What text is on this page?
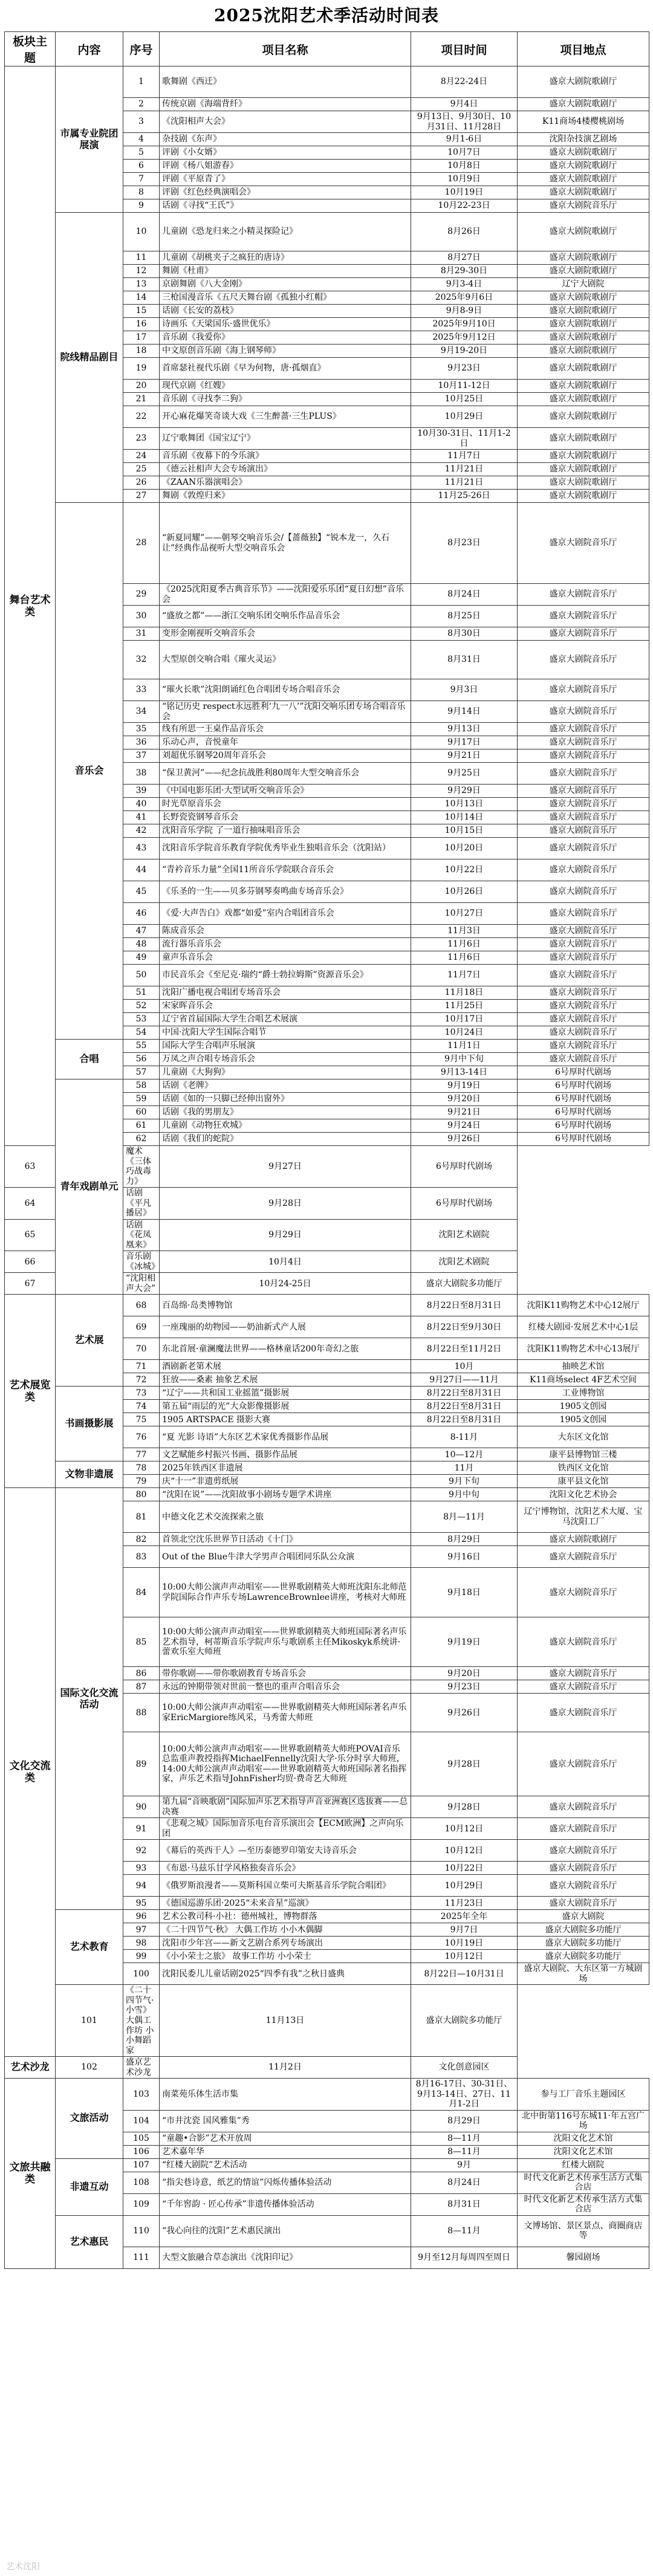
2025沈阳艺术季活动时间表
板块主题	内容	序号	项目名称	项目时间	项目地点
舞台艺术类	市属专业院团展演	1	歌舞剧《西迁》	8月22-24日	盛京大剧院歌剧厅
		2	传统京剧《海端背纤》	9月4日	盛京大剧院歌剧厅
		3	《沈阳相声大会》	9月13日、9月30日、10月31日、11月28日	K11商场4楼樱桃剧场
		4	杂技剧《东声》	9月1-6日	沈阳杂技演艺剧场
		5	评剧《小女婿》	10月7日	盛京大剧院歌剧厅
		6	评剧《杨八姐游春》	10月8日	盛京大剧院歌剧厅
		7	评剧《平原青了》	10月9日	盛京大剧院歌剧厅
		8	评剧《红色经典演唱会》	10月19日	盛京大剧院歌剧厅
		9	话剧《寻找“王氏”》	10月22-23日	盛京大剧院音乐厅
	院线精品剧目	10	儿童剧《恐龙归来之小精灵探险记》	8月26日	盛京大剧院歌剧厅
		11	儿童剧《胡桃夹子之疯狂的唐诗》	8月27日	盛京大剧院歌剧厅
		12	舞剧《杜甫》	8月29-30日	盛京大剧院歌剧厅
		13	京剧舞剧《八大金刚》	9月3-4日	辽宁大剧院
		14	三枪国漫音乐《五尺天舞台剧《孤独小红帽》	2025年9月6日	盛京大剧院歌剧厅
		15	话剧《长安的荔枝》	9月8-9日	盛京大剧院歌剧厅
		16	诗画乐《天梁国乐·盛世优乐》	2025年9月10日	盛京大剧院歌剧厅
		17	音乐剧《我爱你》	2025年9月12日	盛京大剧院歌剧厅
		18	中文原创音乐剧《海上钢琴师》	9月19-20日	盛京大剧院歌剧厅
		19	首席瑟社视代乐剧《早为何物，唐·孤烟直》	9月23日	盛京大剧院歌剧厅
		20	现代京剧《红嫂》	10月11-12日	盛京大剧院歌剧厅
		21	音乐剧《寻找李二狗》	10月25日	盛京大剧院歌剧厅
		22	开心麻花爆笑奇谈大戏《三生醉蔷·三生PLUS》	10月29日	盛京大剧院歌剧厅
		23	辽宁歌舞团《国宝辽宁》	10月30-31日、11月1-2日	盛京大剧院歌剧厅
		24	音乐剧《夜幕下的今乐演》	11月7日	盛京大剧院歌剧厅
		25	《德云社相声大会专场演出》	11月21日	盛京大剧院歌剧厅
		26	《ZAAN乐器演唱会》	11月21日	盛京大剧院歌剧厅
		27	舞剧《敦煌归来》	11月25-26日	盛京大剧院歌剧厅
	音乐会	28	“新夏同耀”——朝琴交响音乐会/【蔷薇独】“锐本龙一，久石让”经典作品视听大型交响音乐会	8月23日	盛京大剧院音乐厅
		29	《2025沈阳夏季古典音乐节》——沈阳爱乐乐团“夏日幻想”音乐会	8月24日	盛京大剧院音乐厅
		30	“盛放之都”——浙江交响乐团交响乐作品音乐会	8月25日	盛京大剧院音乐厅
		31	变形金刚视听交响音乐会	8月30日	盛京大剧院音乐厅
		32	大型原创交响合唱《璀火灵运》	8月31日	盛京大剧院音乐厅
		33	“璀火长歌”沈阳朗诵红色合唱团专场合唱音乐会	9月3日	盛京大剧院音乐厅
		34	“铭记历史 respect永远胜利‘九一八’”沈阳交响乐团专场合唱音乐会	9月14日	盛京大剧院音乐厅
		35	线有所思一王桌作品音乐会	9月13日	盛京大剧院音乐厅
		36	乐动心声，音悦童年	9月17日	盛京大剧院音乐厅
		37	刘超优乐钢琴20周年音乐会	9月21日	盛京大剧院音乐厅
		38	“保卫黄河”——纪念抗战胜利80周年大型交响音乐会	9月25日	盛京大剧院音乐厅
		39	《中国电影乐团·大型试听交响音乐会》	9月29日	盛京大剧院音乐厅
		40	时光草原音乐会	10月13日	盛京大剧院音乐厅
		41	长野瓷瓷钢琴音乐会	10月14日	盛京大剧院音乐厅
		42	沈阳音乐学院 了一道行抽味唱音乐会	10月15日	盛京大剧院音乐厅
		43	沈阳音乐学院音乐教育学院优秀毕业生独唱音乐会（沈阳站）	10月20日	盛京大剧院音乐厅
		44	“青衿音乐力量”全国11所音乐学院联合音乐会	10月22日	盛京大剧院音乐厅
		45	《乐圣的一生——贝多芬钢琴奏鸣曲专场音乐会》	10月26日	盛京大剧院音乐厅
		46	《爱·大声告白》戏都“如爱”室内合唱团音乐会	10月27日	盛京大剧院音乐厅
		47	陈成音乐会	11月3日	盛京大剧院音乐厅
		48	流行器乐音乐会	11月6日	盛京大剧院音乐厅
		49	童声乐音乐会	11月6日	盛京大剧院音乐厅
		50	市民音乐会《至尼克·瑞约“爵士勃拉姆斯”资源音乐会》	11月7日	盛京大剧院音乐厅
		51	沈阳广播电视合唱团专场音乐会	11月18日	盛京大剧院音乐厅
		52	宋家晖音乐会	11月25日	盛京大剧院音乐厅
		53	辽宁省首届国际大学生合唱艺术展演	10月17日	盛京大剧院音乐厅
		54	中国·沈阳大学生国际合唱节	10月24日	盛京大剧院音乐厅
	合唱	55	国际大学生合唱声乐展演	11月1日	盛京大剧院音乐厅
		56	万凤之声合唱专场音乐会	9月中下旬	盛京大剧院音乐厅
		57	儿童剧《大狗狗》	9月13-14日	6号厚时代剧场
	青年戏剧单元	58	话剧《老牌》	9月19日	6号厚时代剧场
		59	话剧《如的一只脚已经伸出窗外》	9月20日	6号厚时代剧场
		60	话剧《我的男朋友》	9月21日	6号厚时代剧场
		61	儿童剧《动物狂欢城》	9月24日	6号厚时代剧场
		62	话剧《我们的蛇院》	9月26日	6号厚时代剧场
63		魔术《三体巧战毒力》	9月27日	6号厚时代剧场	
64		话剧《平凡播居》	9月28日	6号厚时代剧场	
65		话剧《花凤凰来》	9月29日	沈阳艺术剧院	
66		音乐剧《冰城》	10月4日	沈阳艺术剧院	
67		“沈阳相声大会”	10月24-25日	盛京大剧院多功能厅	
艺术展览类	艺术展	68	百岛绵·岛类博物馆	8月22日至8月31日	沈阳K11购物艺术中心12展厅
		69	一座瑰丽的幼物园——奶油新式产人展	8月22日至9月30日	红楼大剧园·发展艺术中心1层
		70	东北首展·童澜魔法世界——格林童话200年奇幻之旅	8月22日至11月2日	沈阳K11购物艺术中心13展厅
		71	酒剧新老第术展	10月	抽映艺术馆
		72	狂放——桑素 抽象艺术展	9月27日——11月	K11商场select 4F艺术空间
	书画摄影展	73	“辽宁——共和国工业摇篮”摄影展	8月22日至8月31日	工业博物馆
		74	第五届“雨层的光”大众影像摄影展	8月22日至8月31日	1905文创园
		75	1905 ARTSPACE 摄影大赛	8月22日至8月31日	1905文创园
		76	“夏 光影 诗语”大东区艺术家优秀摄影作品展	8-11月	大东区文化馆
		77	文艺赋能乡村振兴书画、摄影作品展	10—12月	康平县博物馆三楼
	文物非遗展	78	2025年铁西区非遗展	11月	铁西区文化馆
		79	庆“十一”非遗剪纸展	9月下旬	康平县文化馆
文化交流类	国际文化交流活动	80	“沈阳在说”——沈阳故事小剧场专题学术讲座	9月中旬	沈阳文化艺术协会
		81	中德文化艺术交流探索之旅	8月—11月	辽宁博物馆，沈阳艺术大厦、宝马沈阳工厂
		82	首领北空沈乐世界节日活动《十门》	8月29日	盛京大剧院歌剧厅
		83	Out of the Blue牛津大学男声合唱团同乐队公众演	9月16日	盛京大剧院音乐厅
		84	10:00大师公演声声动唱室——世界歌剧精英大师班沈阳东北师范学院国际合作声乐专场LawrenceBrownlee讲座，考核对大师班	9月18日	盛京大剧院音乐厅
		85	10:00大师公演声声动唱室——世界歌剧精英大师班国际著名声乐艺术指导，柯蒂斯音乐学院声乐与歌剧系主任Mikoskyk系统讲·蕾欢乐室大师班	9月19日	盛京大剧院音乐厅
		86	带你歌剧——带你歌剧教育专场音乐会	9月20日	盛京大剧院音乐厅
		87	永远的钟期带领对世前一整也的重声合唱音乐会	9月23日	盛京大剧院音乐厅
		88	10:00大师公演声声动唱室——世界歌剧精英大师班国际著名声乐家EricMargiore练风采，马秀蕾大师班	9月26日	盛京大剧院音乐厅
		89	10:00大师公演声声动唱室——世界歌剧精英大师班POVAI音乐总监重声教授指挥MichaelFennelly沈阳大学·乐分时享大师班，14:00大师公演声声动唱室——世界歌剧精英大师班国际著名指挥家，声乐艺术指导JohnFisher均贸·费奇艺大师班	9月28日	盛京大剧院音乐厅
		90	第九届“音映歌剧”国际加声乐艺术指导声音亚洲赛区选拔赛——总决赛	9月28日	盛京大剧院音乐厅
		91	《悲观之城》国际加音乐电台音乐演出会【ECM欧洲】之声向乐团	10月12日	盛京大剧院音乐厅
		92	《幕后的英西干人》—至历泰德罗印第安夫诗音乐会	10月12日	盛京大剧院音乐厅
		93	《布恩·马兹乐甘学风格独奏音乐会》	10月22日	盛京大剧院音乐厅
		94	《俄罗斯浪漫者——莫斯科国立柴可夫斯基音乐学院合唱团》	10月29日	盛京大剧院音乐厅
		95	《德国巡游乐团·2025“未来音星”巡演》	11月23日	盛京大剧院音乐厅
	艺术教育	96	艺术公教司科·小社：德州城社，博物群落	2025年全年	盛京大剧院
		97	《二十四节气·秋》 大偶工作坊 小小木偶脚	9月7日	盛京大剧院多功能厅
		98	沈阳市少年宫——新文艺剧合系列专场演出	10月19日	盛京大剧院多功能厅
		99	《小小荣士之旅》 故事工作坊 小小荣士	10月12日	盛京大剧院多功能厅
		100	沈阳民委儿儿童话剧2025“四季有我”之秋日盛典	8月22日—10月31日	盛京大剧院、大东区第一方城剧场
	101	《二十四节气·小雪》 大偶工作坊 小小舞蹈家	11月13日	盛京大剧院多功能厅	
艺术沙龙	102	盛京艺术沙龙	11月2日	文化创意园区	
文旅共融类	文旅活动	103	南菜苑乐体生活市集	8月16-17日、30-31日、9月13-14日、27日、11月1-2日	参与工厂音乐主题园区
		104	“市井沈瓷 国风雅集”秀	8月29日	北中街第116号东城11·年五宫广场
		105	“童趣•合影”艺术开放周	8—11月	沈阳文化艺术馆
		106	艺术嘉年华	8—11月	沈阳文化艺术馆
	非遗互动	107	“红楼大剧院”艺术活动	9月	红楼大剧院
		108	“指尖巷诗意，纸艺的情谊”闪烁传播体验活动	8月24日	时代文化新艺术传承生活方式集合店
		109	“千年窖韵 · 匠心传承”非遗传播体验活动	8月31日	时代文化新艺术传承生活方式集合店
	艺术惠民	110	“我心向往的沈阳”艺术惠民演出	8—11月	文博场馆、景区景点、商圈商店等
		111	大型文旅融合草态演出《沈阳印记》	9月至12月每周四至周日	馨园剧场
艺术沈阳
